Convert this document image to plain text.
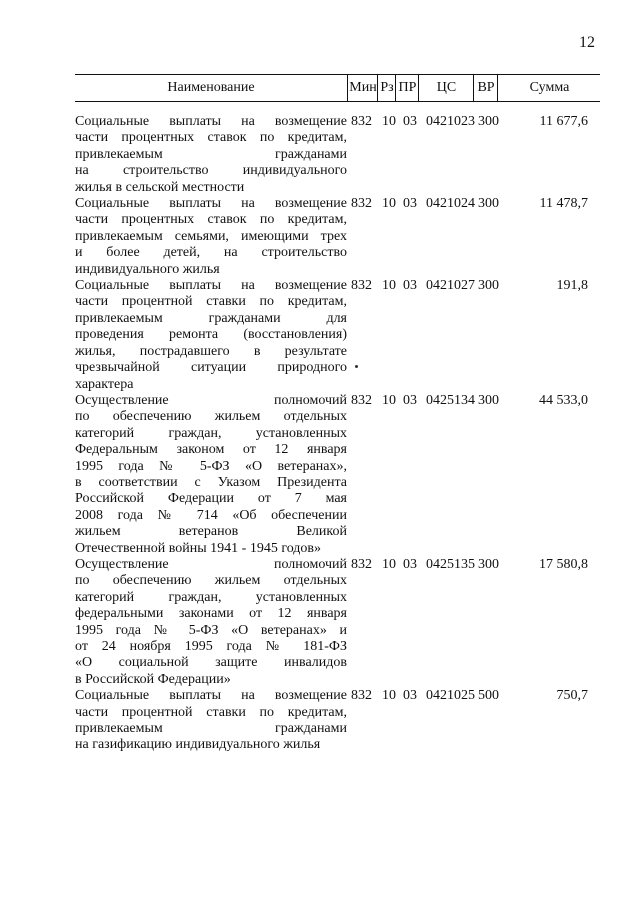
12
Наименование	Мин Рз ПР	ЦС	ВР	Сумма
Социальные выплаты на возмещение
части процентных ставок по кредитам,
привлекаемым гражданами
на строительство индивидуального
жилья в сельской местности
832 10 03 0421023 300	11 677,6
Социальные выплаты на возмещение
части процентных ставок по кредитам,
привлекаемым семьями, имеющими трех
и более детей, на строительство
индивидуального жилья
832 10 03 0421024 300	11 478,7
Социальные выплаты на возмещение
части процентной ставки по кредитам,
привлекаемым гражданами для
проведения ремонта (восстановления)
жилья, пострадавшего в результате
чрезвычайной ситуации природного
характера
832 10 03 0421027 300	191,8
Осуществление полномочий
по обеспечению жильем отдельных
категорий граждан, установленных
Федеральным законом от 12 января
1995 года № 5-ФЗ «О ветеранах»,
в соответствии с Указом Президента
Российской Федерации от 7 мая
2008 года № 714 «Об обеспечении
жильем ветеранов Великой
Отечественной войны 1941 - 1945 годов»
832 10 03 0425134 300	44 533,0
Осуществление полномочий
по обеспечению жильем отдельных
категорий граждан, установленных
федеральными законами от 12 января
1995 года № 5-ФЗ «О ветеранах» и
от 24 ноября 1995 года № 181-ФЗ
«О социальной защите инвалидов
в Российской Федерации»
832 10 03 0425135 300	17 580,8
Социальные выплаты на возмещение
части процентной ставки по кредитам,
привлекаемым гражданами
на газификацию индивидуального жилья
832 10 03 0421025 500	750,7
